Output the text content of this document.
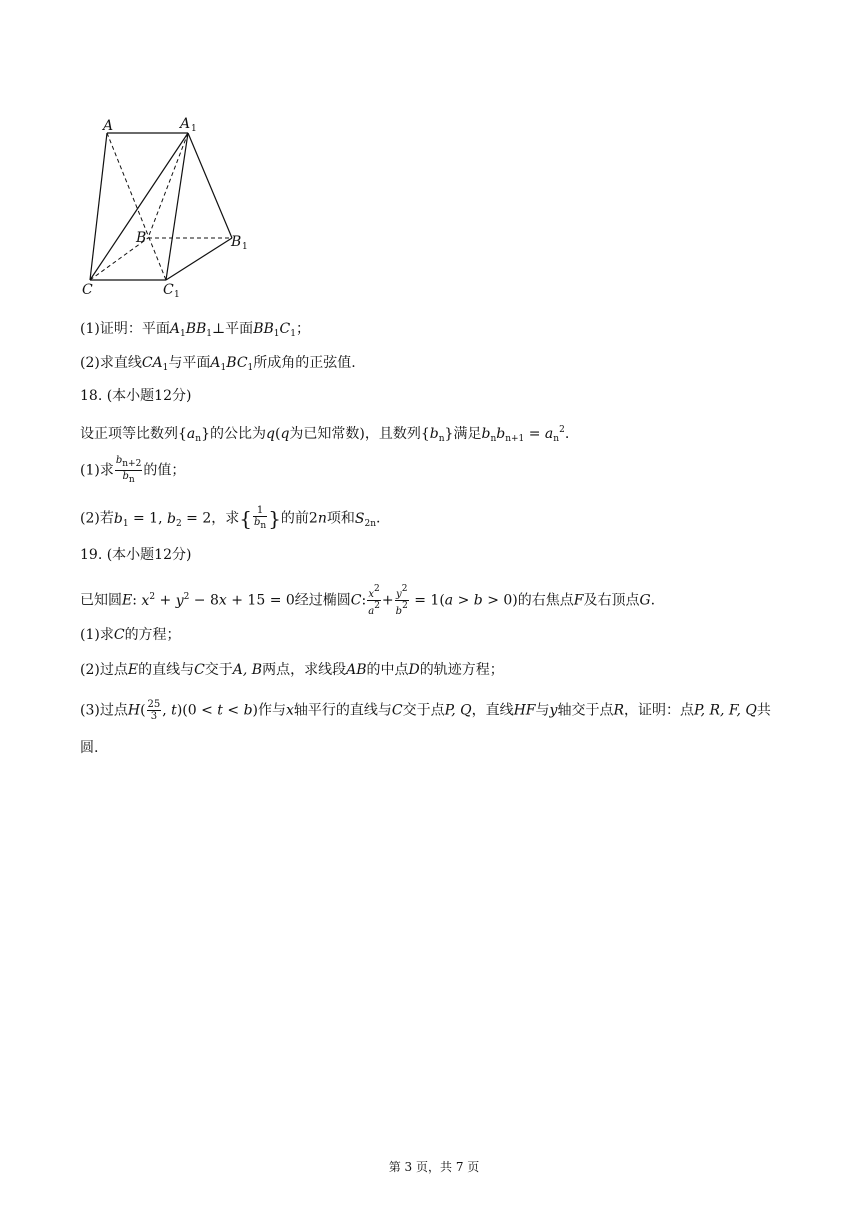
A	A 1
B	B 1
C	C 1
(1)证明：平面$A_1BB_1\perp$平面$BB_1C_1$；
(2)求直线$CA_1$与平面$A_1BC_1$所成角的正弦值.
18. (本小题12分)
设正项等比数列$\{a_n\}$的公比为q(q为已知常数)，且数列$\{b_n\}$满足$b_nb_{n+1} = a_n^2$.
(1)求 $\frac{b_{n+2}}{b_n}$ 的值；
(2)若$b_1 = 1$, $b_2 = 2$，求{ $\frac{1}{b_n}$ }的前2n项和$S_{2n}$.
19. (本小题12分)
已知圆E: $x^2 + y^2 - 8x + 15 = 0$经过椭圆C: $\frac{x^2}{a^2} + \frac{y^2}{b^2} = 1(a > b > 0)$的右焦点F及右顶点G.
(1)求C的方程；
(2)过点E的直线与C交于A, B两点，求线段AB的中点D的轨迹方程；
(3)过点$H( \frac{25}{3}$ , t)(0 < t < b)作与x轴平行的直线与C交于点P, Q，直线HF与y轴交于点R，证明：点P, R, F, Q共
圆.
第 3 页，共 7 页
